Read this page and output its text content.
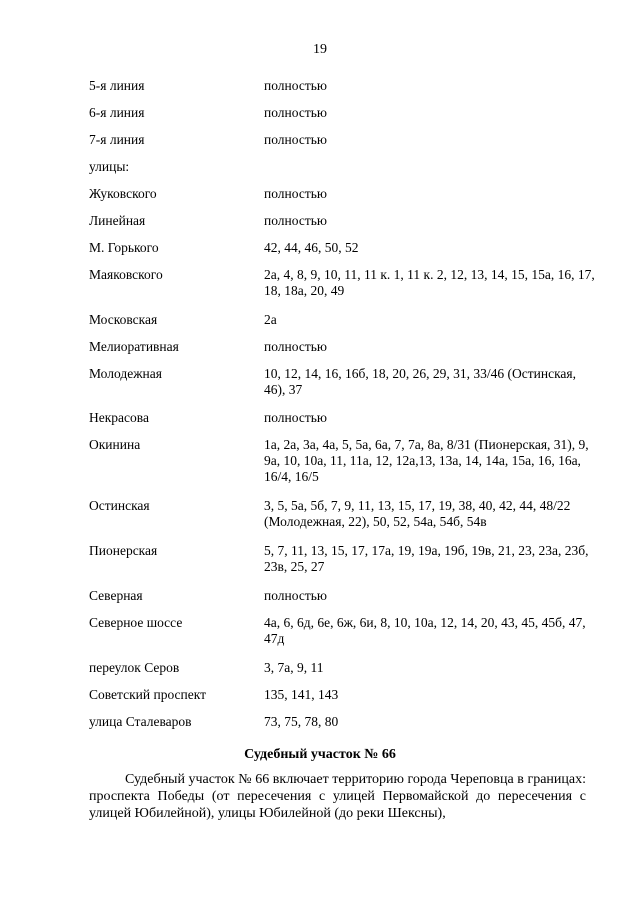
19
5-я линия	полностью
6-я линия	полностью
7-я линия	полностью
улицы:
Жуковского	полностью
Линейная	полностью
М. Горького	42, 44, 46, 50, 52
Маяковского	2а, 4, 8, 9, 10, 11, 11 к. 1, 11 к. 2, 12, 13, 14, 15, 15а, 16, 17, 18, 18а, 20, 49
Московская	2а
Мелиоративная	полностью
Молодежная	10, 12, 14, 16, 16б, 18, 20, 26, 29, 31, 33/46 (Остинская, 46), 37
Некрасова	полностью
Окинина	1а, 2а, 3а, 4а, 5, 5а, 6а, 7, 7а, 8а, 8/31 (Пионерская, 31), 9, 9а, 10, 10а, 11, 11а, 12, 12а,13, 13а, 14, 14а, 15а, 16, 16а, 16/4, 16/5
Остинская	3, 5, 5а, 5б, 7, 9, 11, 13, 15, 17, 19, 38, 40, 42, 44, 48/22 (Молодежная, 22), 50, 52, 54а, 54б, 54в
Пионерская	5, 7, 11, 13, 15, 17, 17а, 19, 19а, 19б, 19в, 21, 23, 23а, 23б, 23в, 25, 27
Северная	полностью
Северное шоссе	4а, 6, 6д, 6е, 6ж, 6и, 8, 10, 10а, 12, 14, 20, 43, 45, 45б, 47, 47д
переулок Серов	3, 7а, 9, 11
Советский проспект	135, 141, 143
улица Сталеваров	73, 75, 78, 80
Судебный участок № 66
Судебный участок № 66 включает территорию города Череповца в границах: проспекта Победы (от пересечения с улицей Первомайской до пересечения с улицей Юбилейной), улицы Юбилейной (до реки Шексны),
